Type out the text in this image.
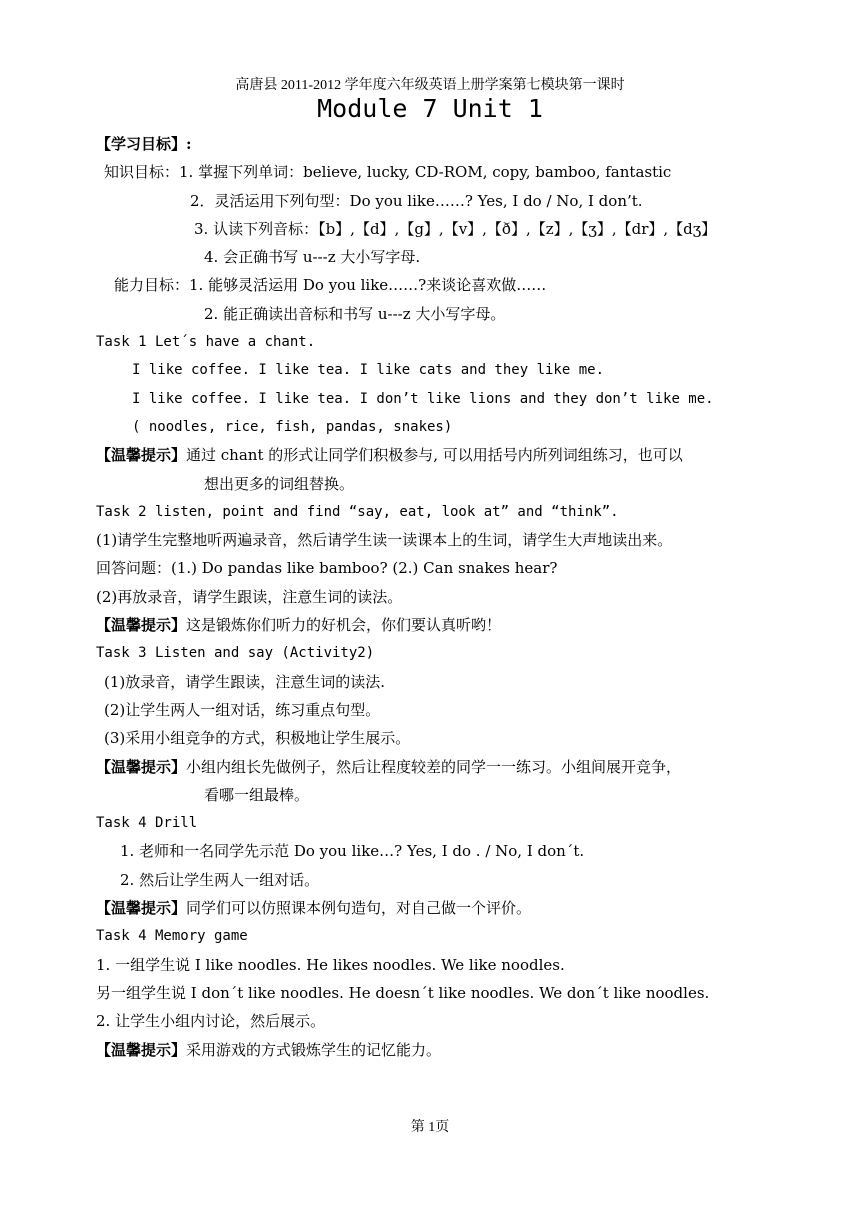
高唐县 2011-2012 学年度六年级英语上册学案第七模块第一课时
Module 7 Unit 1
【学习目标】:
知识目标：1. 掌握下列单词：believe, lucky, CD-ROM, copy, bamboo, fantastic
2．灵活运用下列句型：Do you like……? Yes, I do / No, I don’t.
3. 认读下列音标：【b】,【d】,【g】,【v】,【ð】,【z】,【ʒ】,【dr】,【dʒ】
4. 会正确书写 u---z 大小写字母.
能力目标：1. 能够灵活运用 Do you like……?来谈论喜欢做……
2. 能正确读出音标和书写 u---z 大小写字母。
Task 1 Let´s have a chant.
I like coffee. I like tea. I like cats and they like me.
I like coffee. I like tea. I don’t like lions and they don’t like me.
( noodles, rice, fish, pandas, snakes)
【温馨提示】通过 chant 的形式让同学们积极参与, 可以用括号内所列词组练习，也可以
想出更多的词组替换。
Task 2 listen, point and find “say, eat, look at” and “think”.
(1)请学生完整地听两遍录音，然后请学生读一读课本上的生词，请学生大声地读出来。
回答问题：(1.) Do pandas like bamboo? (2.) Can snakes hear?
(2)再放录音，请学生跟读，注意生词的读法。
【温馨提示】这是锻炼你们听力的好机会，你们要认真听哟！
Task 3 Listen and say (Activity2)
(1)放录音，请学生跟读，注意生词的读法.
(2)让学生两人一组对话，练习重点句型。
(3)采用小组竞争的方式，积极地让学生展示。
【温馨提示】小组内组长先做例子，然后让程度较差的同学一一练习。小组间展开竞争，
看哪一组最棒。
Task 4 Drill
1. 老师和一名同学先示范 Do you like…? Yes, I do . / No, I don´t.
2. 然后让学生两人一组对话。
【温馨提示】同学们可以仿照课本例句造句，对自己做一个评价。
Task 4 Memory game
1. 一组学生说 I like noodles. He likes noodles. We like noodles.
另一组学生说 I don´t like noodles. He doesn´t like noodles. We don´t like noodles.
2. 让学生小组内讨论，然后展示。
【温馨提示】采用游戏的方式锻炼学生的记忆能力。
第 1页
